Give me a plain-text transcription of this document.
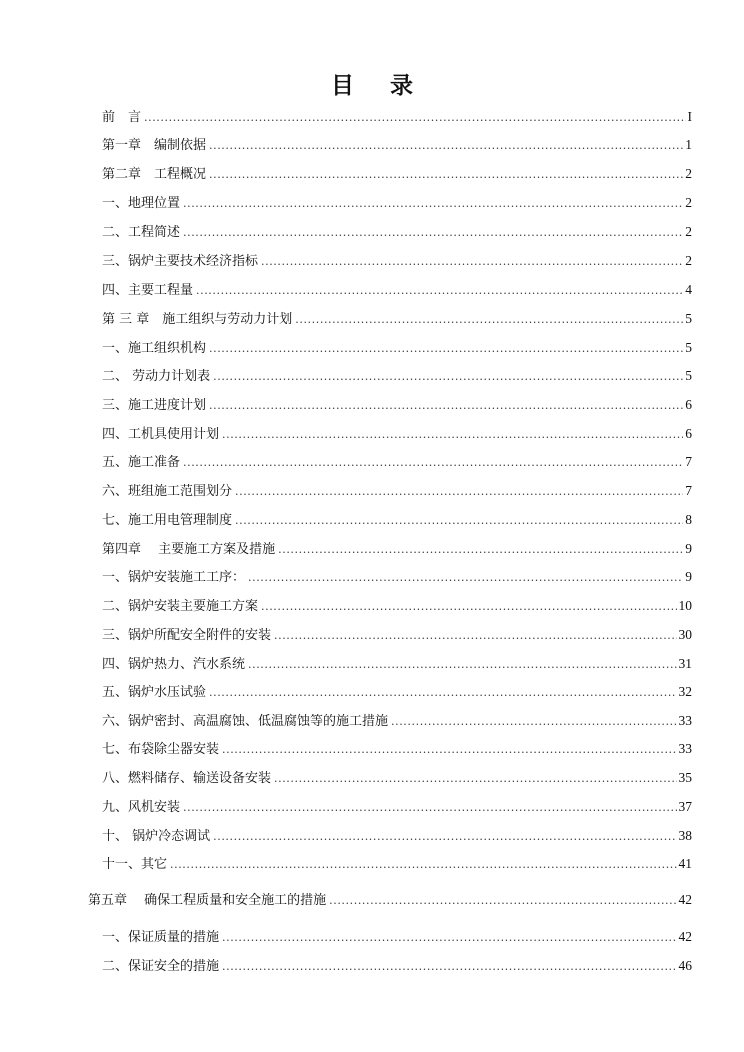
目 录
前　言 .....	I
第一章　编制依据 .....	1
第二章　工程概况 .....	2
一、地理位置 .....	2
二、工程简述 .....	2
三、锅炉主要技术经济指标 .....	2
四、主要工程量 .....	4
第 三 章　施工组织与劳动力计划 .....	5
一、施工组织机构 .....	5
二、 劳动力计划表 .....	5
三、施工进度计划 .....	6
四、工机具使用计划 .....	6
五、施工准备 .....	7
六、班组施工范围划分 .....	7
七、施工用电管理制度 .....	8
第四章　 主要施工方案及措施 .....	9
一、锅炉安装施工工序： .....	9
二、锅炉安装主要施工方案 .....	10
三、锅炉所配安全附件的安装 .....	30
四、锅炉热力、汽水系统 .....	31
五、锅炉水压试验 .....	32
六、锅炉密封、高温腐蚀、低温腐蚀等的施工措施 .....	33
七、布袋除尘器安装 .....	33
八、燃料储存、输送设备安装 .....	35
九、风机安装 .....	37
十、 锅炉冷态调试 .....	38
十一、其它 .....	41
第五章　 确保工程质量和安全施工的措施 .....	42
一、保证质量的措施 .....	42
二、保证安全的措施 .....	46
